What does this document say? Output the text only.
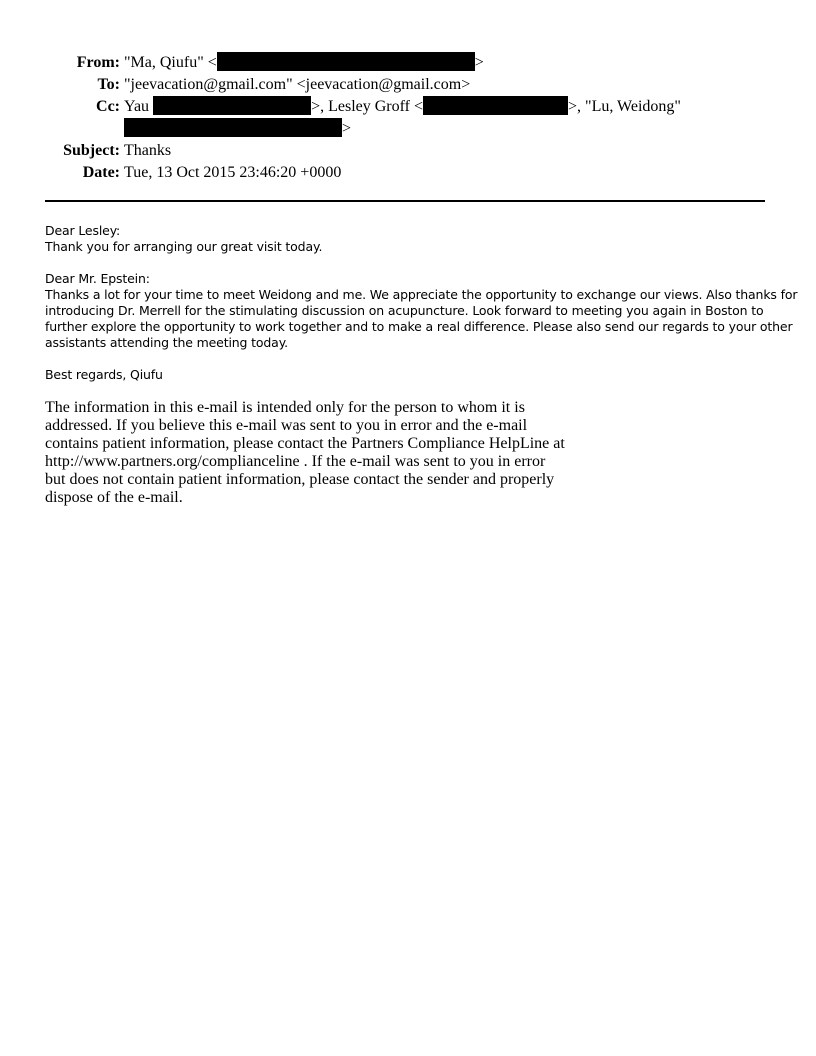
From: "Ma, Qiufu" <	>
To: "jeevacation@gmail.com" <jeevacation@gmail.com>
Cc: Yau	>, Lesley Groff <	>, "Lu, Weidong"
>
Subject: Thanks
Date: Tue, 13 Oct 2015 23:46:20 +0000

Dear Lesley:
Thank you for arranging our great visit today.

Dear Mr. Epstein:
Thanks a lot for your time to meet Weidong and me. We appreciate the opportunity to exchange our views. Also thanks for
introducing Dr. Merrell for the stimulating discussion on acupuncture. Look forward to meeting you again in Boston to
further explore the opportunity to work together and to make a real difference. Please also send our regards to your other
assistants attending the meeting today.

Best regards, Qiufu

The information in this e-mail is intended only for the person to whom it is
addressed. If you believe this e-mail was sent to you in error and the e-mail
contains patient information, please contact the Partners Compliance HelpLine at
http://www.partners.org/complianceline . If the e-mail was sent to you in error
but does not contain patient information, please contact the sender and properly
dispose of the e-mail.
